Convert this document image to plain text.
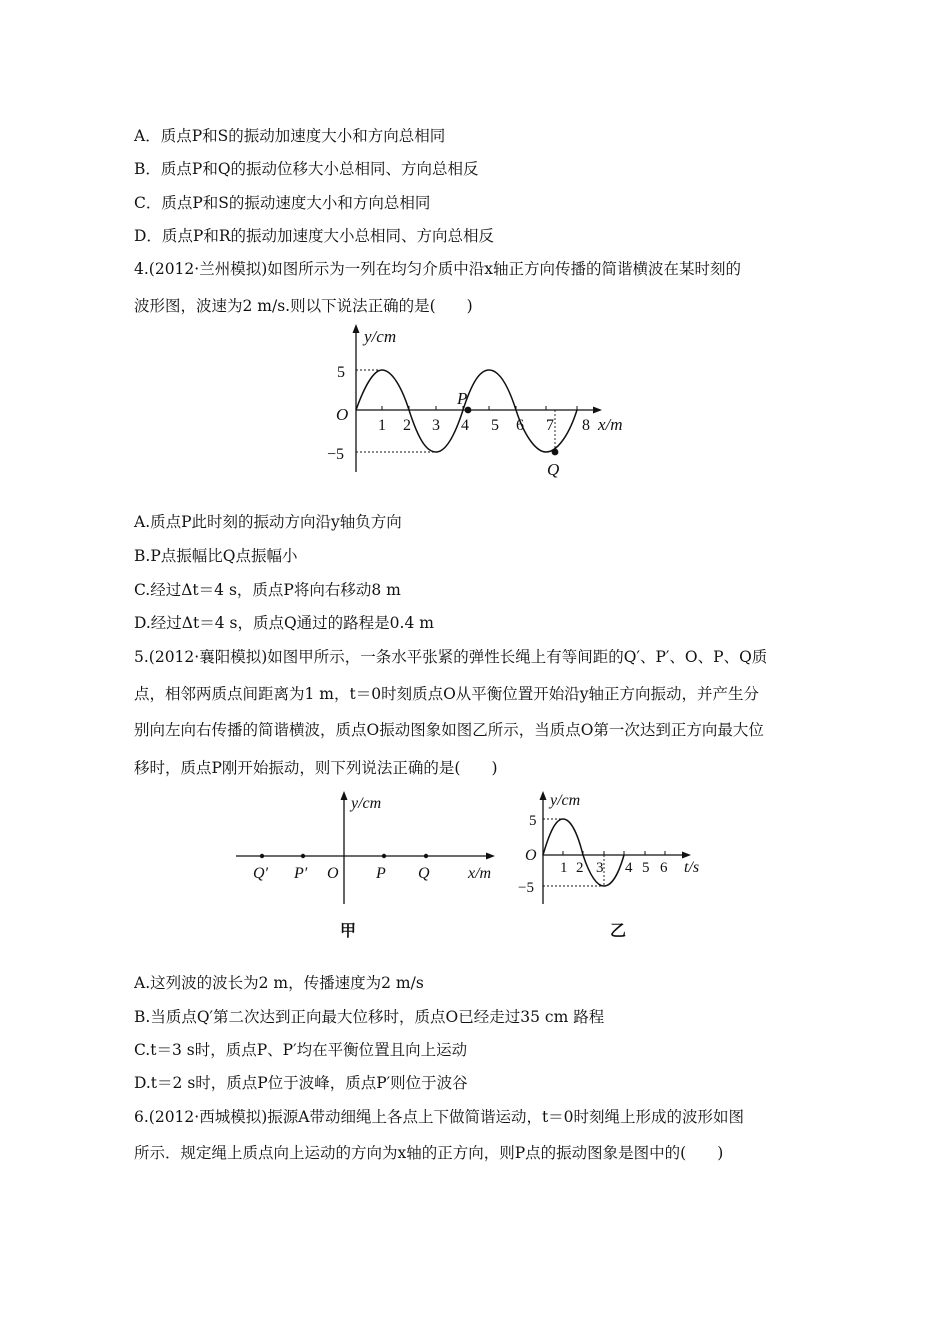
A．质点P和S的振动加速度大小和方向总相同
B．质点P和Q的振动位移大小总相同、方向总相反
C．质点P和S的振动速度大小和方向总相同
D．质点P和R的振动加速度大小总相同、方向总相反
4.(2012·兰州模拟)如图所示为一列在均匀介质中沿x轴正方向传播的简谐横波在某时刻的
波形图，波速为2 m/s.则以下说法正确的是(　　)
y/cm
x/m
O
5
−5
1 2 3 4 5 6 7 8
P
Q
A.质点P此时刻的振动方向沿y轴负方向
B.P点振幅比Q点振幅小
C.经过Δt＝4 s，质点P将向右移动8 m
D.经过Δt＝4 s，质点Q通过的路程是0.4 m
5.(2012·襄阳模拟)如图甲所示，一条水平张紧的弹性长绳上有等间距的Q′、P′、O、P、Q质
点，相邻两质点间距离为1 m，t＝0时刻质点O从平衡位置开始沿y轴正方向振动，并产生分
别向左向右传播的简谐横波，质点O振动图象如图乙所示，当质点O第一次达到正方向最大位
移时，质点P刚开始振动，则下列说法正确的是(　　)
y/cm
x/m
Q′ P′ O P Q
甲
y/cm
t/s
O
5
−5
1 2 3 4 5 6
乙
A.这列波的波长为2 m，传播速度为2 m/s
B.当质点Q′第二次达到正向最大位移时，质点O已经走过35 cm 路程
C.t＝3 s时，质点P、P′均在平衡位置且向上运动
D.t＝2 s时，质点P位于波峰，质点P′则位于波谷
6.(2012·西城模拟)振源A带动细绳上各点上下做简谐运动，t＝0时刻绳上形成的波形如图
所示．规定绳上质点向上运动的方向为x轴的正方向，则P点的振动图象是图中的(　　)
